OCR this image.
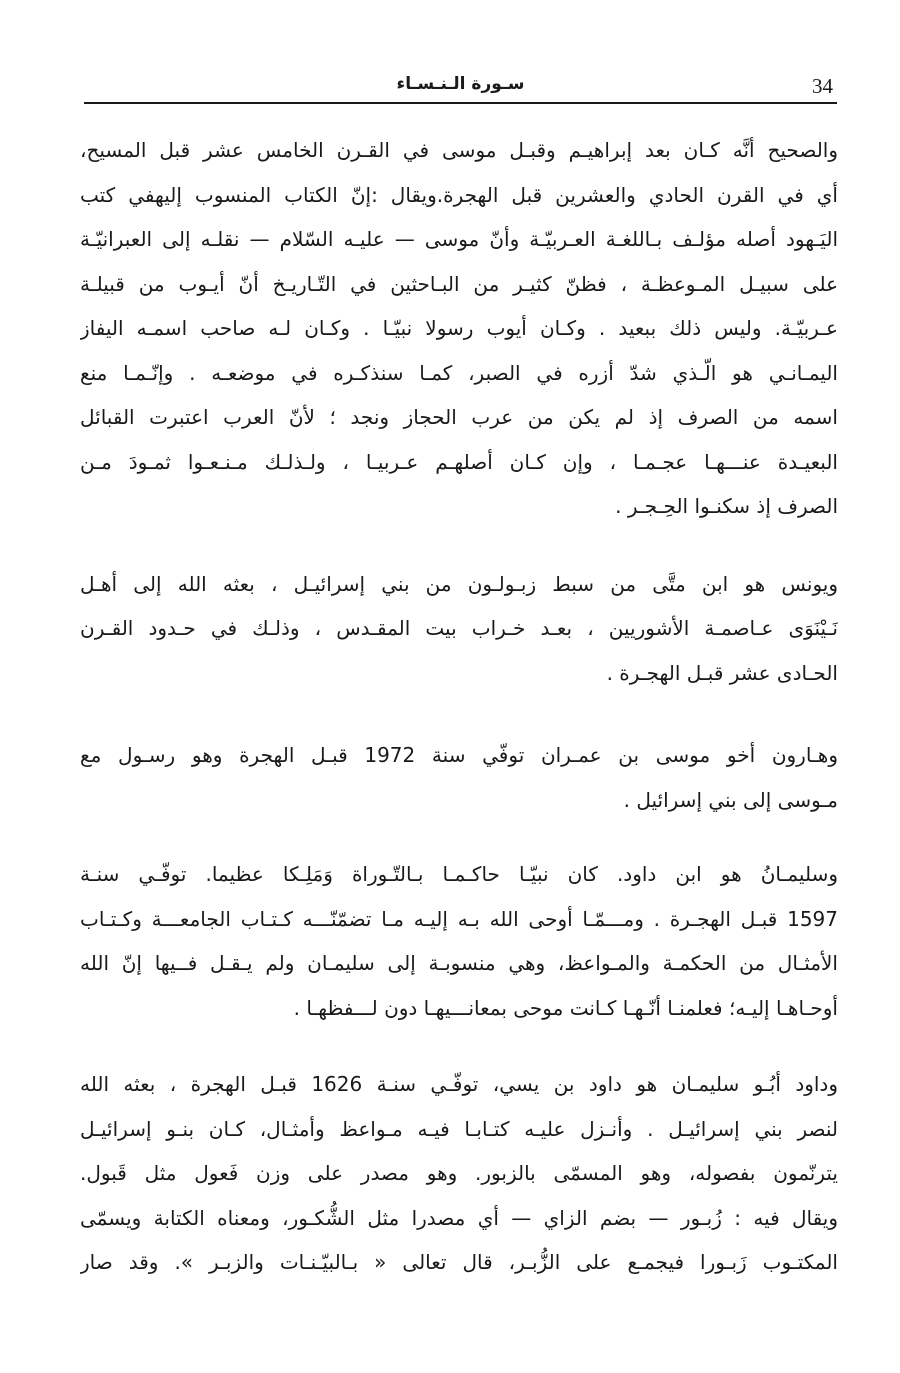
34
سـورة الـنـسـاء

والصحيح أنَّه كـان بعد إبراهيـم وقبـل موسى في القـرن الخامس عشر قبل المسيح،
أي في القرن الحادي والعشرين قبل الهجرة.ويقال :إنّ الكتاب المنسوب إليهفي كتب
اليَـهود أصله مؤلـف بـاللغـة العـربيّـة وأنّ موسى — عليـه السّلام — نقلـه إلى العبرانيّـة
على سبيـل المـوعظـة ، فظنّ كثيـر من البـاحثين في التّـاريـخ أنّ أيـوب من قبيلـة
عـربيّـة. وليس ذلك ببعيد . وكـان أيوب رسولا نبيّـا . وكـان لـه صاحب اسمـه اليفاز
اليمـانـي هو الّـذي شدّ أزره في الصبر، كمـا سنذكـره في موضعـه . وإنّـمـا منع
اسمه من الصرف إذ لم يكن من عرب الحجاز ونجد ؛ لأنّ العرب اعتبرت القبائل
البعيـدة عنـــهـا عجـمـا ، وإن كـان أصلهـم عـربيـا ، ولـذلـك مـنـعـوا ثمـودَ مـن
الصرف إذ سكنـوا الحِـجـر .

ويونس هو ابن متَّى من سبط زبـولـون من بني إسرائيـل ، بعثه الله إلى أهـل
نَـيْنَوَى عـاصمـة الأشوريين ، بعـد خـراب بيت المقـدس ، وذلـك في حـدود القـرن
الحـادى عشر قبـل الهجـرة .

وهـارون أخو موسى بن عمـران توفّي سنة 1972 قبـل الهجرة وهو رسـول مع
مـوسى إلى بني إسرائيل .

وسليمـانُ هو ابن داود. كان نبيّـا حاكـمـا بـالتّـوراة وَمَلِـكا عظيما. توفّـي سنـة
1597 قبـل الهجـرة . ومـــمّـا أوحى الله بـه إليـه مـا تضمّنّـــه كـتـاب الجامعـــة وكـتـاب
الأمثـال من الحكمـة والمـواعظ، وهي منسوبـة إلى سليمـان ولم يـقـل فــيها إنّ الله
أوحـاهـا إليـه؛ فعلمنـا أنّـهـا كـانت موحى بمعانـــيهـا دون لـــفظهـا .

وداود أبُـو سليمـان هو داود بن يسي، توفّـي سنـة 1626 قبـل الهجرة ، بعثه الله
لنصر بني إسرائيـل . وأنـزل عليـه كتـابـا فيـه مـواعظ وأمثـال، كـان بنـو إسرائيـل
يترنّمون بفصوله، وهو المسمّى بالزبور. وهو مصدر على وزن فَعول مثل قَبول.
ويقال فيه : زُبـور — بضم الزاي — أي مصدرا مثل الشُّكـور، ومعناه الكتابة ويسمّى
المكتـوب زَبـورا فيجمـع على الزُّبـر، قال تعالى « بـالبيّـنـات والزبـر ». وقد صار
